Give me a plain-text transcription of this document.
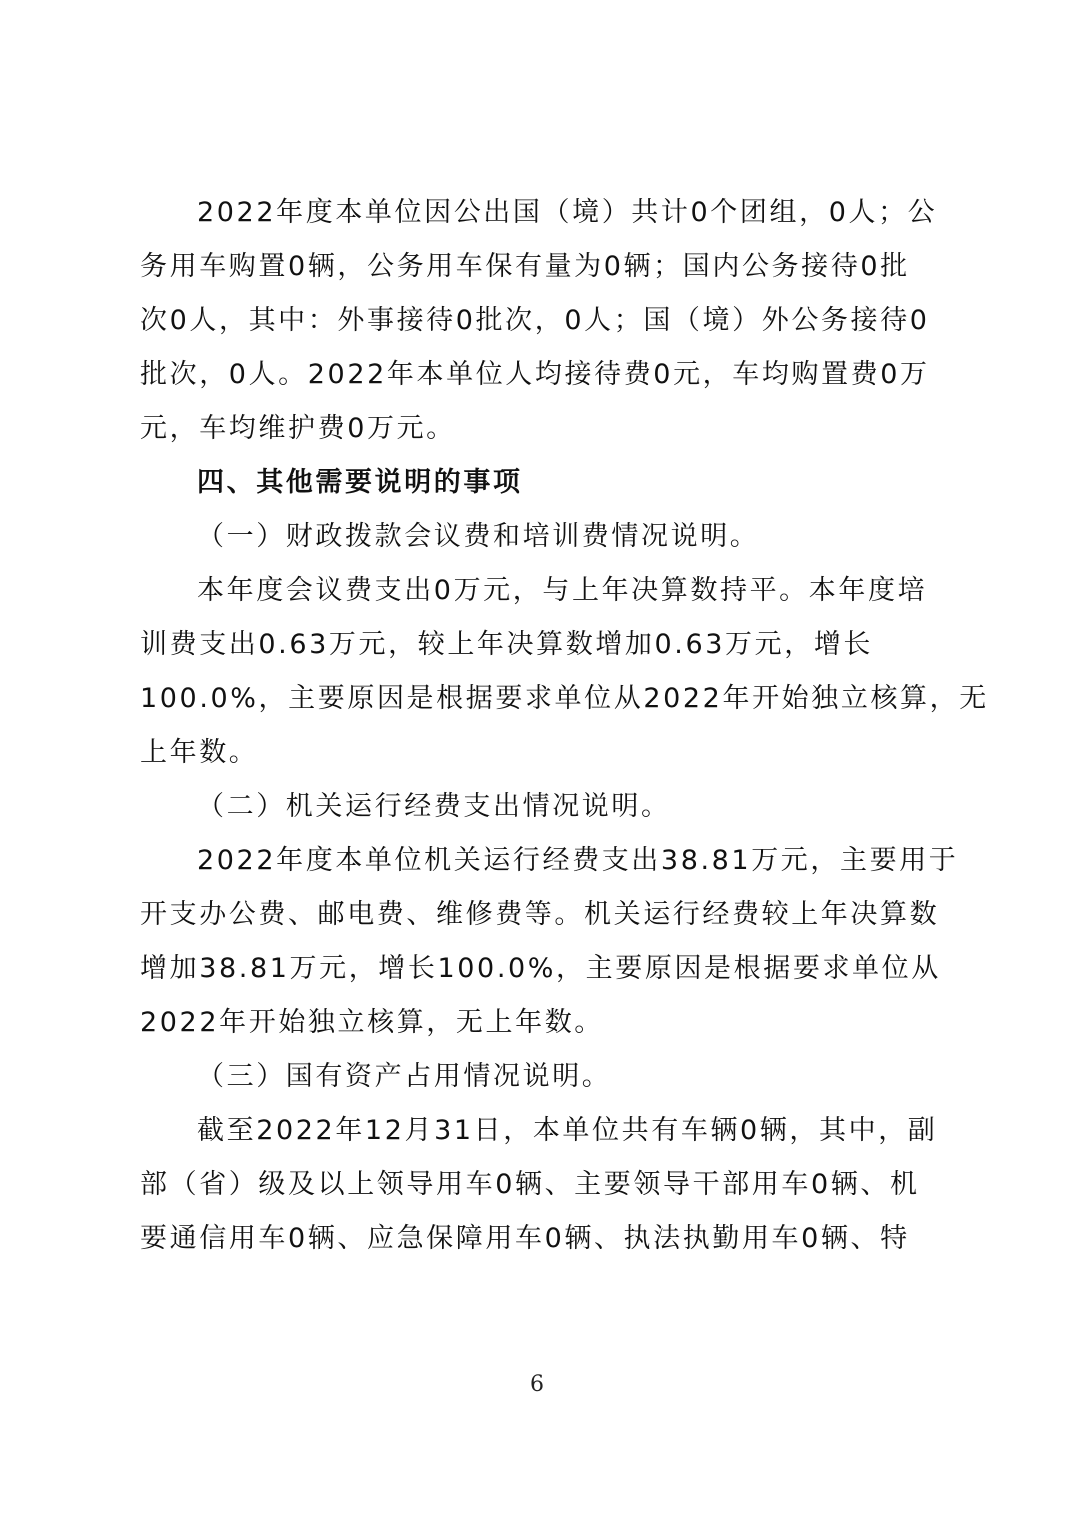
2022年度本单位因公出国（境）共计0个团组，0人；公
务用车购置0辆，公务用车保有量为0辆；国内公务接待0批
次0人，其中：外事接待0批次，0人；国（境）外公务接待0
批次，0人。2022年本单位人均接待费0元，车均购置费0万
元，车均维护费0万元。
四、其他需要说明的事项
（一）财政拨款会议费和培训费情况说明。
本年度会议费支出0万元，与上年决算数持平。本年度培
训费支出0.63万元，较上年决算数增加0.63万元，增长
100.0%，主要原因是根据要求单位从2022年开始独立核算，无
上年数。
（二）机关运行经费支出情况说明。
2022年度本单位机关运行经费支出38.81万元，主要用于
开支办公费、邮电费、维修费等。机关运行经费较上年决算数
增加38.81万元，增长100.0%，主要原因是根据要求单位从
2022年开始独立核算，无上年数。
（三）国有资产占用情况说明。
截至2022年12月31日，本单位共有车辆0辆，其中，副
部（省）级及以上领导用车0辆、主要领导干部用车0辆、机
要通信用车0辆、应急保障用车0辆、执法执勤用车0辆、特
6
